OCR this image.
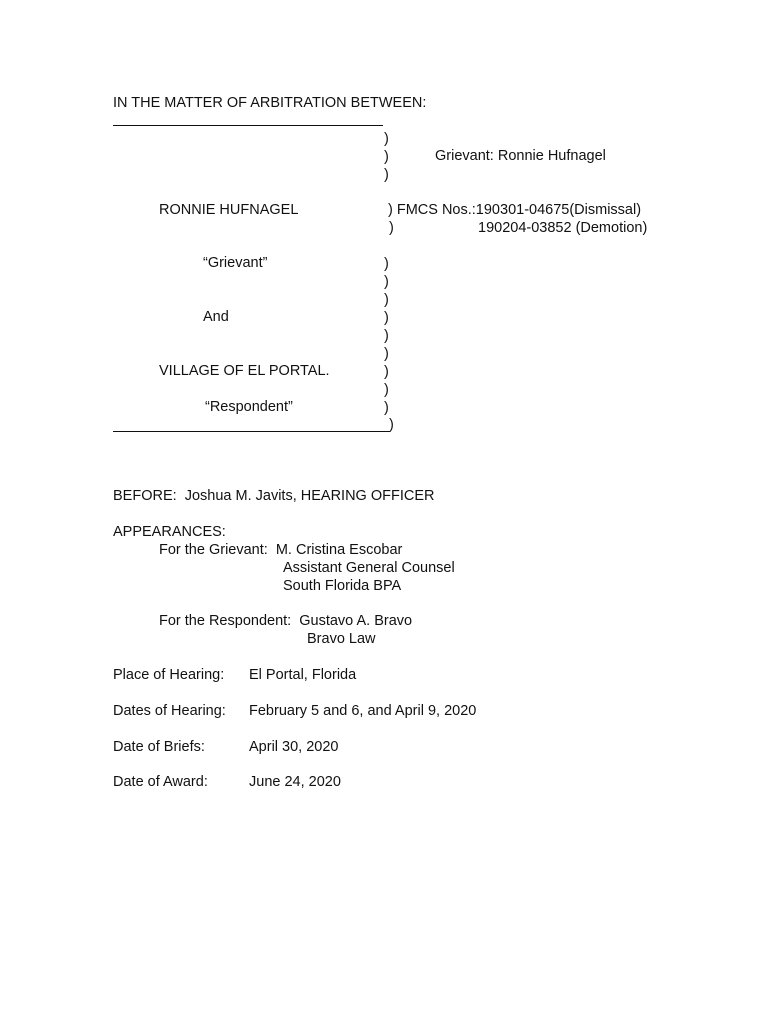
IN THE MATTER OF ARBITRATION BETWEEN:
)
)
)
Grievant: Ronnie Hufnagel
RONNIE HUFNAGEL	) FMCS Nos.:190301-04675(Dismissal)
)	190204-03852 (Demotion)
“Grievant”	)
)
)
And	)
)
)
VILLAGE OF EL PORTAL.	)
)
“Respondent”	)
)
BEFORE:  Joshua M. Javits, HEARING OFFICER
APPEARANCES:
For the Grievant:  M. Cristina Escobar
Assistant General Counsel
South Florida BPA
For the Respondent:  Gustavo A. Bravo
Bravo Law
Place of Hearing: El Portal, Florida
Dates of Hearing: February 5 and 6, and April 9, 2020
Date of Briefs:	April 30, 2020
Date of Award:	June 24, 2020
